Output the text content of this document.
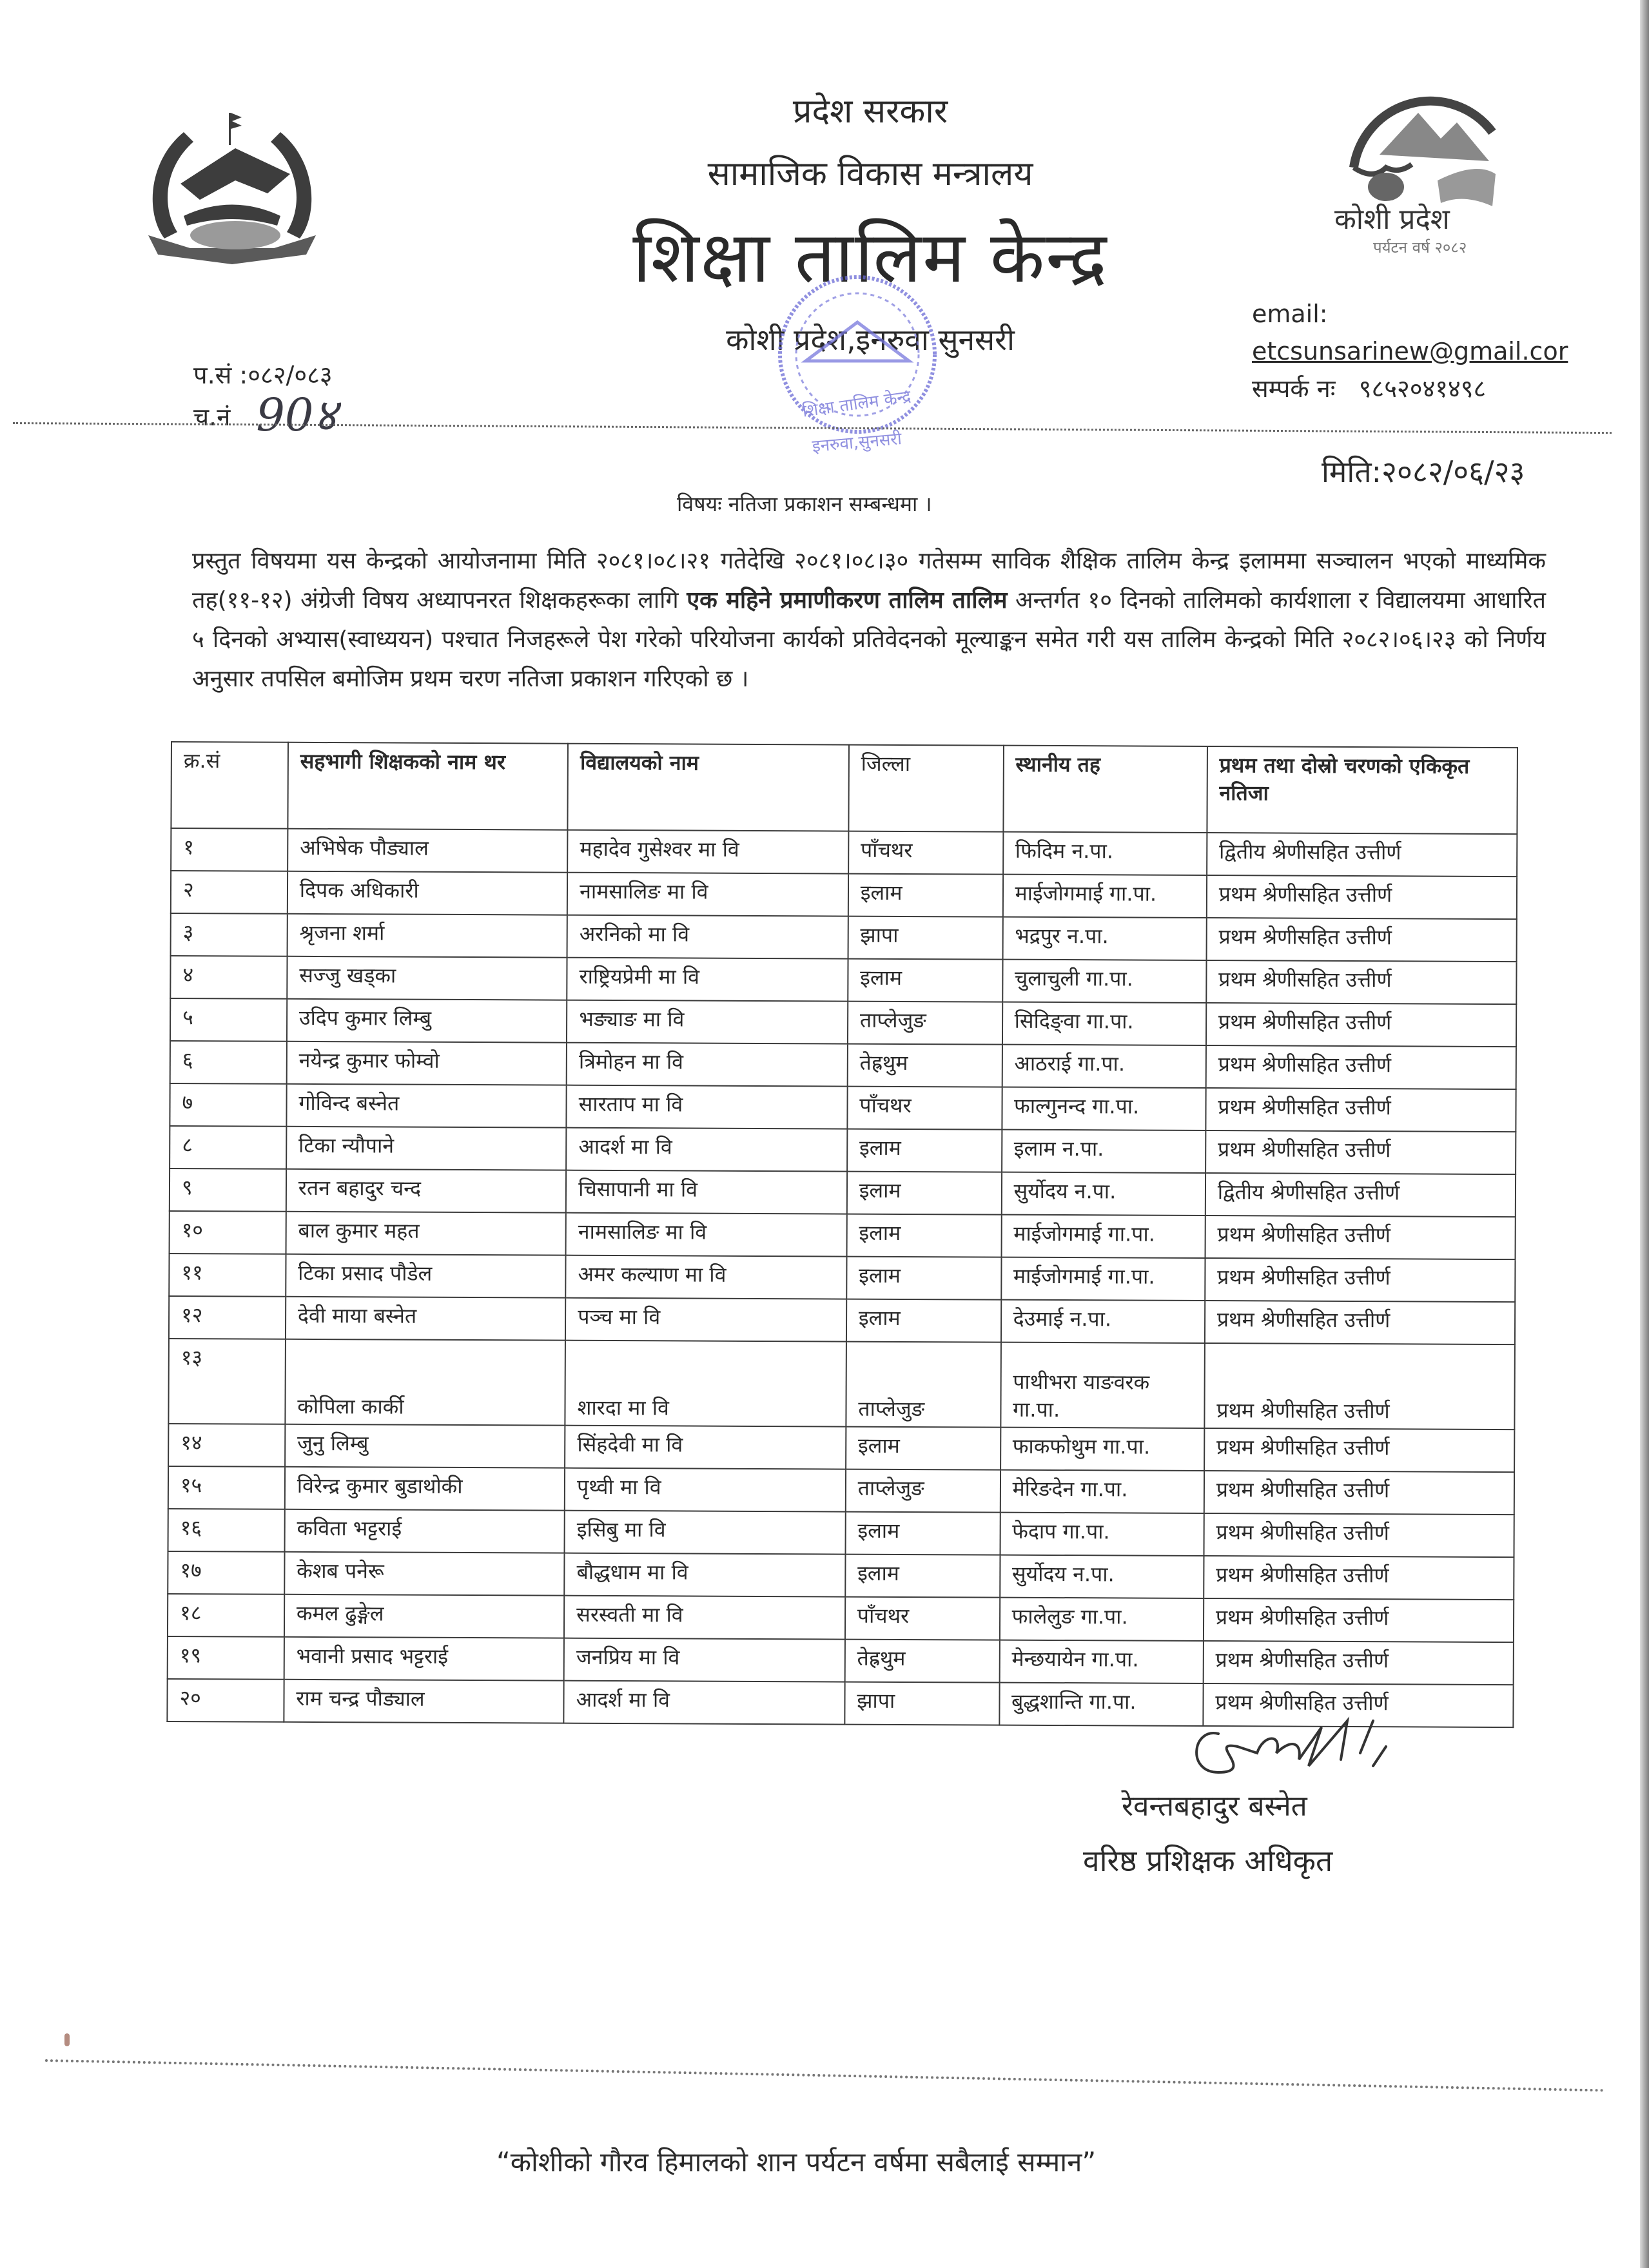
कोशी प्रदेश
पर्यटन वर्ष २०८२
प्रदेश सरकार
सामाजिक विकास मन्त्रालय
शिक्षा तालिम केन्द्र
कोशी प्रदेश,इनरुवा सुनसरी
शिक्षा तालिम केन्द्र
इनरुवा,सुनसरी
email: etcsunsarinew@gmail.cor
सम्पर्क नः ९८५२०४१४९८
प.सं :०८२/०८३
च.नं 90४
मिति:२०८२/०६/२३
विषयः नतिजा प्रकाशन सम्बन्धमा ।
प्रस्तुत विषयमा यस केन्द्रको आयोजनामा मिति २०८१।०८।२१ गतेदेखि २०८१।०८।३० गतेसम्म साविक शैक्षिक तालिम केन्द्र इलाममा सञ्चालन भएको माध्यमिक तह(११-१२) अंग्रेजी विषय अध्यापनरत शिक्षकहरूका लागि एक महिने प्रमाणीकरण तालिम तालिम अन्तर्गत १० दिनको तालिमको कार्यशाला र विद्यालयमा आधारित ५ दिनको अभ्यास(स्वाध्ययन) पश्चात निजहरूले पेश गरेको परियोजना कार्यको प्रतिवेदनको मूल्याङ्कन समेत गरी यस तालिम केन्द्रको मिति २०८२।०६।२३ को निर्णय अनुसार तपसिल बमोजिम प्रथम चरण नतिजा प्रकाशन गरिएको छ ।
क्र.सं	सहभागी शिक्षकको नाम थर	विद्यालयको नाम	जिल्ला	स्थानीय तह	प्रथम तथा दोस्रो चरणको एकिकृत नतिजा
१	अभिषेक पौड्याल	महादेव गुसेश्वर मा वि	पाँचथर	फिदिम न.पा.	द्वितीय श्रेणीसहित उत्तीर्ण
२	दिपक अधिकारी	नामसालिङ मा वि	इलाम	माईजोगमाई गा.पा.	प्रथम श्रेणीसहित उत्तीर्ण
३	श्रृजना शर्मा	अरनिको मा वि	झापा	भद्रपुर न.पा.	प्रथम श्रेणीसहित उत्तीर्ण
४	सज्जु खड्का	राष्ट्रियप्रेमी मा वि	इलाम	चुलाचुली गा.पा.	प्रथम श्रेणीसहित उत्तीर्ण
५	उदिप कुमार लिम्बु	भङ्याङ मा वि	ताप्लेजुङ	सिदिङ्वा गा.पा.	प्रथम श्रेणीसहित उत्तीर्ण
६	नयेन्द्र कुमार फोम्वो	त्रिमोहन मा वि	तेह्रथुम	आठराई गा.पा.	प्रथम श्रेणीसहित उत्तीर्ण
७	गोविन्द बस्नेत	सारताप मा वि	पाँचथर	फाल्गुनन्द गा.पा.	प्रथम श्रेणीसहित उत्तीर्ण
८	टिका न्यौपाने	आदर्श मा वि	इलाम	इलाम न.पा.	प्रथम श्रेणीसहित उत्तीर्ण
९	रतन बहादुर चन्द	चिसापानी मा वि	इलाम	सुर्योदय न.पा.	द्वितीय श्रेणीसहित उत्तीर्ण
१०	बाल कुमार महत	नामसालिङ मा वि	इलाम	माईजोगमाई गा.पा.	प्रथम श्रेणीसहित उत्तीर्ण
११	टिका प्रसाद पौडेल	अमर कल्याण मा वि	इलाम	माईजोगमाई गा.पा.	प्रथम श्रेणीसहित उत्तीर्ण
१२	देवी माया बस्नेत	पञ्च मा वि	इलाम	देउमाई न.पा.	प्रथम श्रेणीसहित उत्तीर्ण
१३	कोपिला कार्की	शारदा मा वि	ताप्लेजुङ	पाथीभरा याङवरक गा.पा.	प्रथम श्रेणीसहित उत्तीर्ण
१४	जुनु लिम्बु	सिंहदेवी मा वि	इलाम	फाकफोथुम गा.पा.	प्रथम श्रेणीसहित उत्तीर्ण
१५	विरेन्द्र कुमार बुडाथोकी	पृथ्वी मा वि	ताप्लेजुङ	मेरिङदेन गा.पा.	प्रथम श्रेणीसहित उत्तीर्ण
१६	कविता भट्टराई	इसिबु मा वि	इलाम	फेदाप गा.पा.	प्रथम श्रेणीसहित उत्तीर्ण
१७	केशब पनेरू	बौद्धधाम मा वि	इलाम	सुर्योदय न.पा.	प्रथम श्रेणीसहित उत्तीर्ण
१८	कमल ढुङ्गेल	सरस्वती मा वि	पाँचथर	फालेलुङ गा.पा.	प्रथम श्रेणीसहित उत्तीर्ण
१९	भवानी प्रसाद भट्टराई	जनप्रिय मा वि	तेह्रथुम	मेन्छयायेन गा.पा.	प्रथम श्रेणीसहित उत्तीर्ण
२०	राम चन्द्र पौड्याल	आदर्श मा वि	झापा	बुद्धशान्ति गा.पा.	प्रथम श्रेणीसहित उत्तीर्ण
रेवन्तबहादुर बस्नेत
वरिष्ठ प्रशिक्षक अधिकृत
“कोशीको गौरव हिमालको शान पर्यटन वर्षमा सबैलाई सम्मान”
